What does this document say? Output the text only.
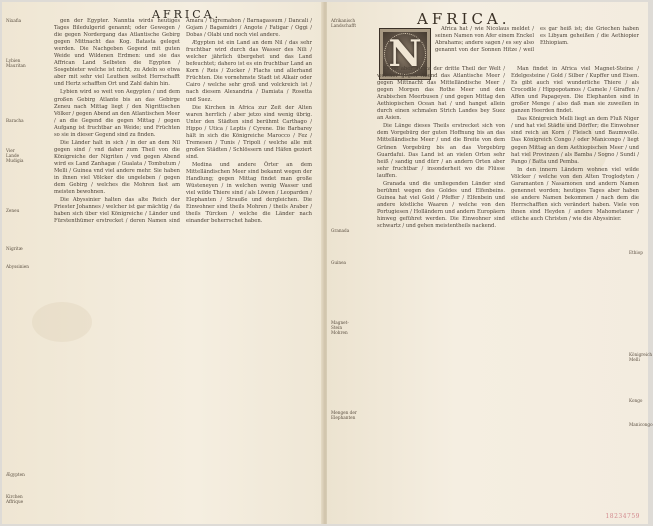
AFRICA.
Nixafia
Lybien Mauritan
Baracha
Vier Lande Mudigia
Zeneu
Nigritæ
Abyssinien
Ægypten
Kirchen Affrique

gen der Egypter. Nanntia wirds heutiges Tages Biledulgerid genannt; oder Gewegen / die gegen Nordergang das Atlantische Gebirg gegen Mittnacht das Kog. Batasta geleget werden. Die Nachgeben Gegend mit guten Weide und Wildenen Erdmen: und sie das Affrican Land Selbsten die Egypten / Sosgebieter welche ist nicht, zu Adeln so etwa aber mit sehr viel Leuthen selbst Herrschafft und Hertz schafften Ort und Zahl dahin hin.

Lybien wird so weit von Aegypten / und dem großen Gebirg Atlante bis an das Gebirge Zeneu nach Mittag liegt / den Nigrittischen Völker / gegen Abend an den Atlantischen Meer / an die Gegend die gegen Mittag / gegen Aufgang ist fruchtbar an Weide; und Früchten so sie in dieser Gegend sind zu finden.

Die Länder halt in sich / in der an dem Nil gegen sind / vnd daher zum Theil von die Königreiche der Nigriten / vnd gegen Abend wird es Land Zanhagæ / Gualata / Tombutum / Melli / Guinea vnd viel andere mehr. Sie haben in ihnen viel Völcker die ungeleben / gegen dem Gebirg / welches die Mohren fast am meisten bewohnen.

Die Abyssinier halten das alte Reich der Priester Johannes / welcher ist gar mächtig / da haben sich über viel Königreiche / Länder und Fürstenthümer erstrecket / deren Namen sind Amara / Tigremahon / Barnagassum / Dancali / Gojam / Bagamidri / Angote / Fatigar / Oggi / Dobas / Olabi und noch viel andere.

Ægypten ist ein Land an dem Nil / das sehr fruchtbar wird durch das Wasser des Nili / welcher jährlich übergehet und das Land befeuchtet; dahero ist es ein fruchtbar Land an Korn / Reis / Zucker / Flachs und allerhand Früchten. Die vornehmste Stadt ist Alkair oder Cairo / welche sehr groß und volckreich ist / nach diesem Alexandria / Damiata / Rosetta und Suez.

Die Kirchen in Africa zur Zeit der Alten waren herrlich / aber jetzo sind wenig übrig. Unter den Städten sind berühmt Carthago / Hippo / Utica / Leptis / Cyrene. Die Barbarey hält in sich die Königreiche Marocco / Fez / Tremesen / Tunis / Tripoli / welche alle mit großen Städten / Schlössern und Häfen geziert sind.

Medina und andere Örter an dem Mittelländischen Meer sind bekannt wegen der Handlung; gegen Mittag findet man große Wüsteneyen / in welchen wenig Wasser und viel wilde Thiere sind / als Löwen / Leoparden / Elephanten / Strauße und dergleichen. Die Einwohner sind theils Mohren / theils Araber / theils Türcken / welche die Länder nach einander beherrschet haben.

AFRICA.
N
Afrikanisch Landschafft
Granada
Guinea
Magnet-Stein Mohren
Mengen der Elephanten
Ethiop
Königreich Melli
Kongo
Manicongo

Africa hat / wie Nicolaus meldet / seinen Namen von Afer einem Enckel Abrahams; andere sagen / es sey also genannt von der Sonnen Hitze / weil es gar heiß ist; die Griechen haben es Libyam geheißen / die Aethiopier Ethiopiam.

Es ist aber Africa der dritte Theil der Welt / welcher gegen Abend das Atlantische Meer / gegen Mittnacht das Mittelländische Meer / gegen Morgen das Rothe Meer und den Arabischen Meerbusen / und gegen Mittag den Aethiopischen Ocean hat / und hanget allein durch einen schmalen Strich Landes bey Suez an Asien.

Die Länge dieses Theils erstrecket sich von dem Vorgebürg der guten Hoffnung bis an das Mittelländische Meer / und die Breite von dem Grünen Vorgebürg bis an das Vorgebürg Guardafui. Das Land ist an vielen Orten sehr heiß / sandig und dürr / an andern Orten aber sehr fruchtbar / insonderheit wo die Flüsse lauffen.

Granada und die umliegenden Länder sind berühmt wegen des Goldes und Elfenbeins. Guinea hat viel Gold / Pfeffer / Elfenbein und andere köstliche Waaren / welche von den Portugiesen / Holländern und andern Europäern hinweg geführet werden. Die Einwohner sind schwartz / und gehen meistentheils nackend.

Man findet in Africa viel Magnet-Steine / Edelgesteine / Gold / Silber / Kupffer und Eisen. Es gibt auch viel wunderliche Thiere / als Crocodile / Hippopotamos / Camele / Giraffen / Affen und Papageyen. Die Elephanten sind in großer Menge / also daß man sie zuweilen in ganzen Heerden findet.

Das Königreich Melli liegt an dem Fluß Niger / und hat viel Städte und Dörffer; die Einwohner sind reich an Korn / Fleisch und Baumwolle. Das Königreich Congo / oder Manicongo / liegt gegen Mittag an dem Aethiopischen Meer / und hat viel Provinzen / als Bamba / Sogno / Sundi / Pango / Batta und Pemba.

In den innern Ländern wohnen viel wilde Völcker / welche von den Alten Troglodyten / Garamanten / Nasamonen und andern Namen genennet worden; heutiges Tages aber haben sie andere Namen bekommen / nach dem die Herrschafften sich verändert haben. Viele von ihnen sind Heyden / andere Mahometaner / etliche auch Christen / wie die Abyssinier.

18234759
